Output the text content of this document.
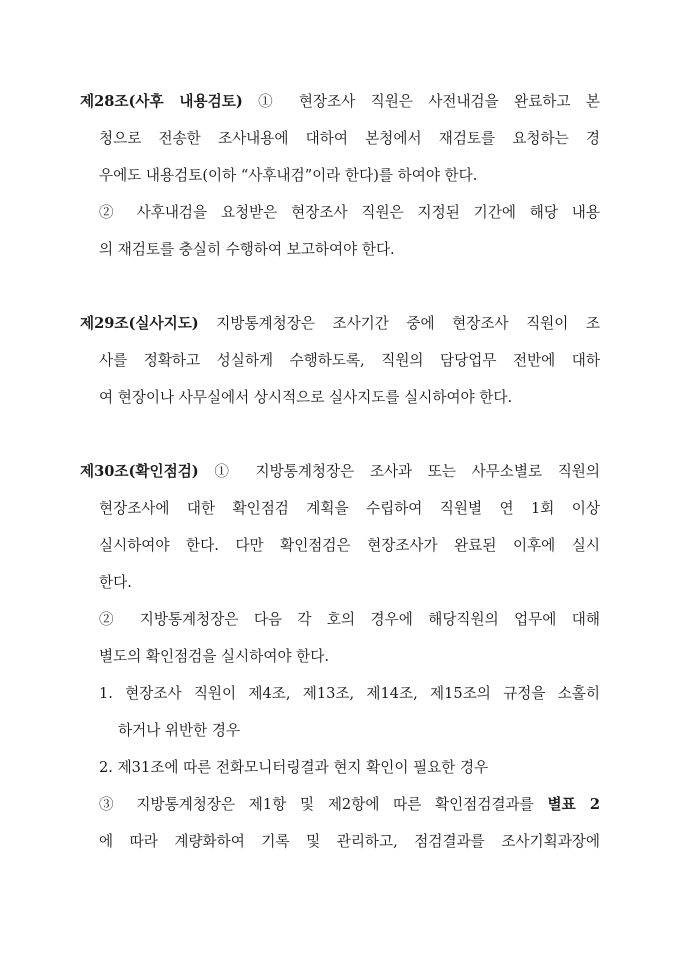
제28조(사후 내용검토) ① 현장조사 직원은 사전내검을 완료하고 본

청으로 전송한 조사내용에 대하여 본청에서 재검토를 요청하는 경

우에도 내용검토(이하 “사후내검”이라 한다)를 하여야 한다.

② 사후내검을 요청받은 현장조사 직원은 지정된 기간에 해당 내용

의 재검토를 충실히 수행하여 보고하여야 한다.

제29조(실사지도) 지방통계청장은 조사기간 중에 현장조사 직원이 조

사를 정확하고 성실하게 수행하도록, 직원의 담당업무 전반에 대하

여 현장이나 사무실에서 상시적으로 실사지도를 실시하여야 한다.

제30조(확인점검) ① 지방통계청장은 조사과 또는 사무소별로 직원의

현장조사에 대한 확인점검 계획을 수립하여 직원별 연 1회 이상

실시하여야 한다. 다만 확인점검은 현장조사가 완료된 이후에 실시

한다.

② 지방통계청장은 다음 각 호의 경우에 해당직원의 업무에 대해

별도의 확인점검을 실시하여야 한다.

1. 현장조사 직원이 제4조, 제13조, 제14조, 제15조의 규정을 소홀히

하거나 위반한 경우

2. 제31조에 따른 전화모니터링결과 현지 확인이 필요한 경우

③ 지방통계청장은 제1항 및 제2항에 따른 확인점검결과를 별표 2

에 따라 계량화하여 기록 및 관리하고, 점검결과를 조사기획과장에
